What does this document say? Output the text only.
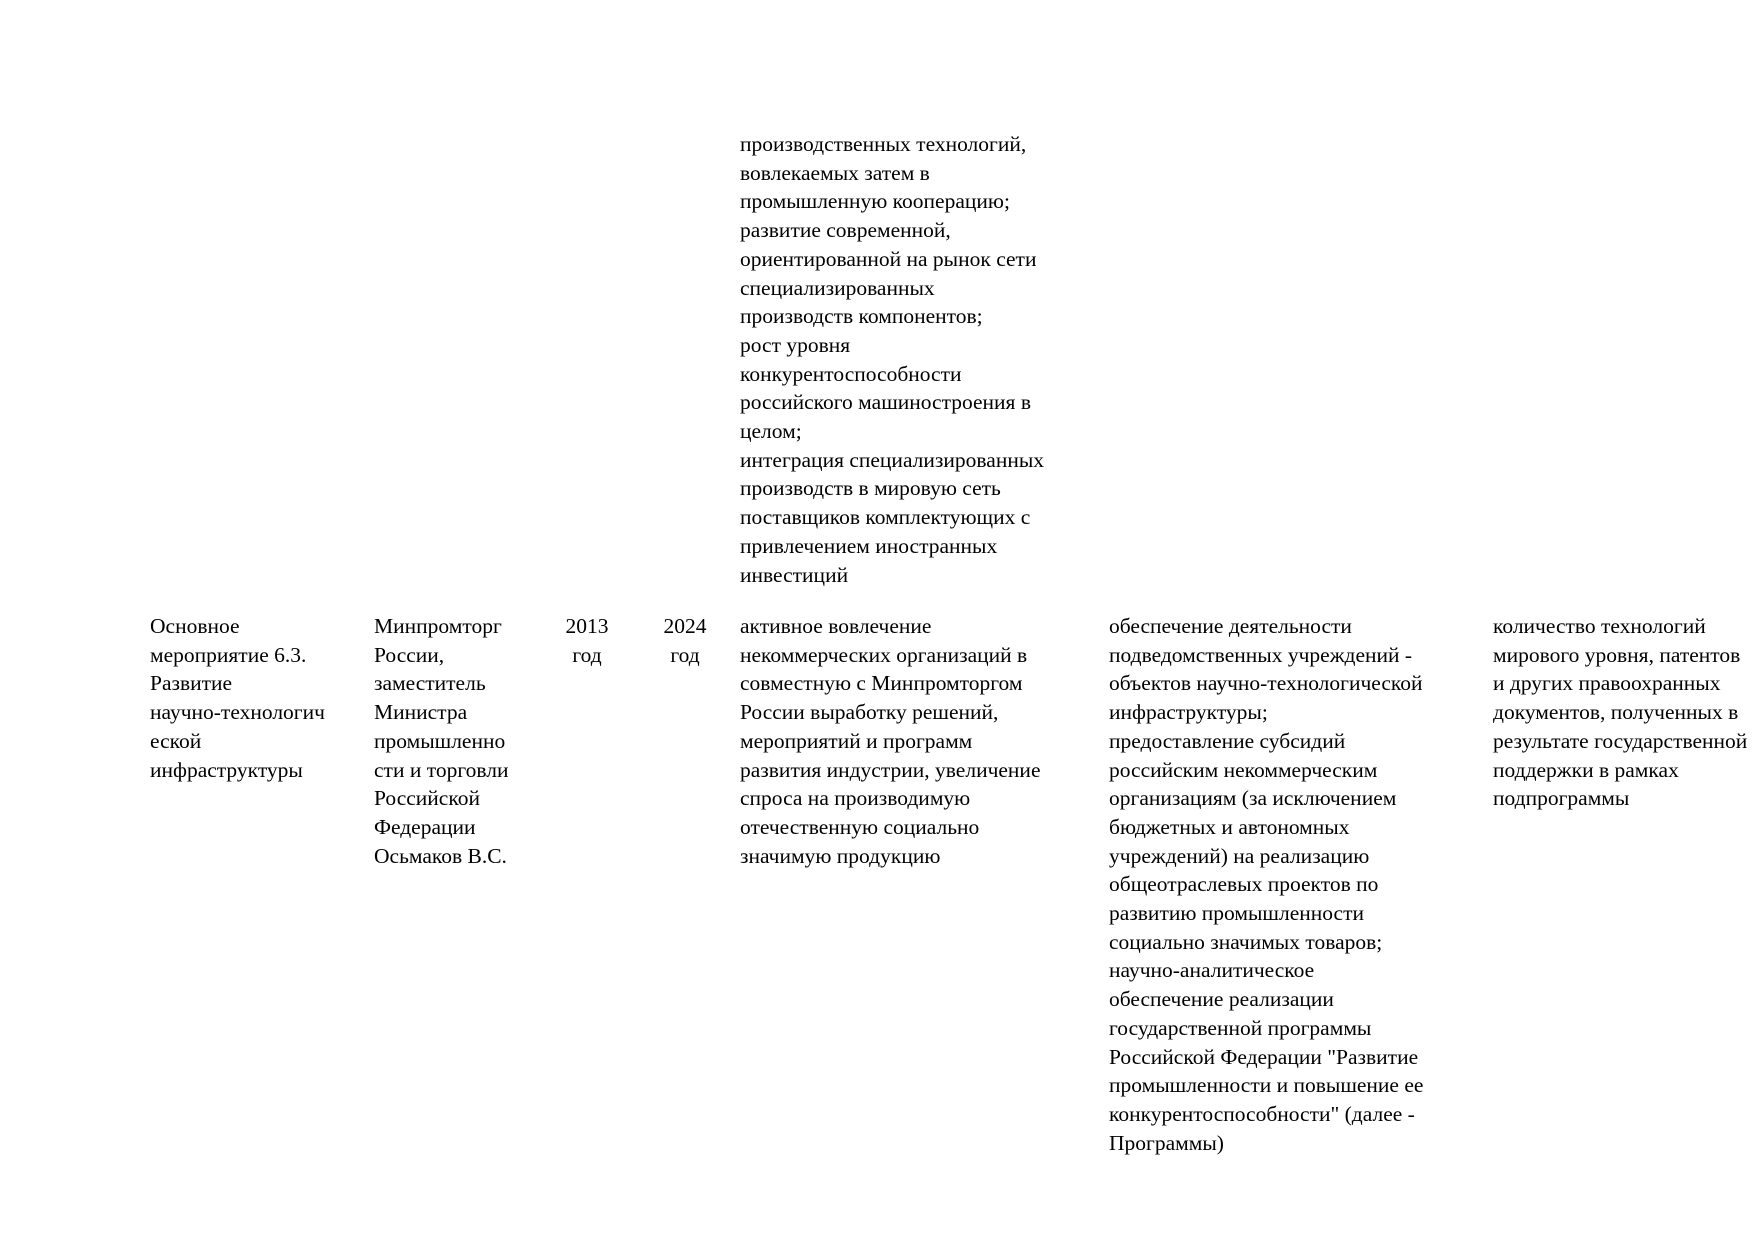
производственных технологий,
вовлекаемых затем в
промышленную кооперацию;
развитие современной,
ориентированной на рынок сети
специализированных
производств компонентов;
рост уровня
конкурентоспособности
российского машиностроения в
целом;
интеграция специализированных
производств в мировую сеть
поставщиков комплектующих с
привлечением иностранных
инвестиций
Основное
мероприятие 6.3.
Развитие
научно-технологич
еской
инфраструктуры
Минпромторг
России,
заместитель
Министра
промышленно
сти и торговли
Российской
Федерации
Осьмаков В.С.
2013
год
2024
год
активное вовлечение
некоммерческих организаций в
совместную с Минпромторгом
России выработку решений,
мероприятий и программ
развития индустрии, увеличение
спроса на производимую
отечественную социально
значимую продукцию
обеспечение деятельности
подведомственных учреждений -
объектов научно-технологической
инфраструктуры;
предоставление субсидий
российским некоммерческим
организациям (за исключением
бюджетных и автономных
учреждений) на реализацию
общеотраслевых проектов по
развитию промышленности
социально значимых товаров;
научно-аналитическое
обеспечение реализации
государственной программы
Российской Федерации "Развитие
промышленности и повышение ее
конкурентоспособности" (далее -
Программы)
количество технологий
мирового уровня, патентов
и других правоохранных
документов, полученных в
результате государственной
поддержки в рамках
подпрограммы
